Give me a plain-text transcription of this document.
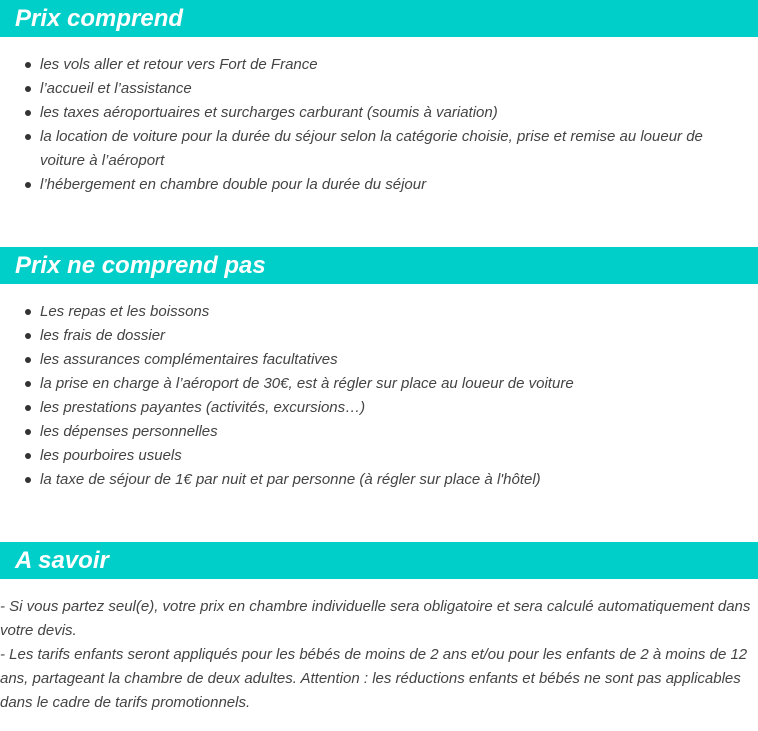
Prix comprend
les vols aller et retour vers Fort de France
l’accueil et l’assistance
les taxes aéroportuaires et surcharges carburant (soumis à variation)
la location de voiture pour la durée du séjour selon la catégorie choisie, prise et remise au loueur de voiture à l’aéroport
l’hébergement en chambre double pour la durée du séjour
Prix ne comprend pas
Les repas et les boissons
les frais de dossier
les assurances complémentaires facultatives
la prise en charge à l’aéroport de 30€, est à régler sur place au loueur de voiture
les prestations payantes (activités, excursions…)
les dépenses personnelles
les pourboires usuels
la taxe de séjour de 1€ par nuit et par personne (à régler sur place à l'hôtel)
A savoir

- Si vous partez seul(e), votre prix en chambre individuelle sera obligatoire et sera calculé automatiquement dans votre devis.

- Les tarifs enfants seront appliqués pour les bébés de moins de 2 ans et/ou pour les enfants de 2 à moins de 12 ans, partageant la chambre de deux adultes. Attention : les réductions enfants et bébés ne sont pas applicables dans le cadre de tarifs promotionnels.
